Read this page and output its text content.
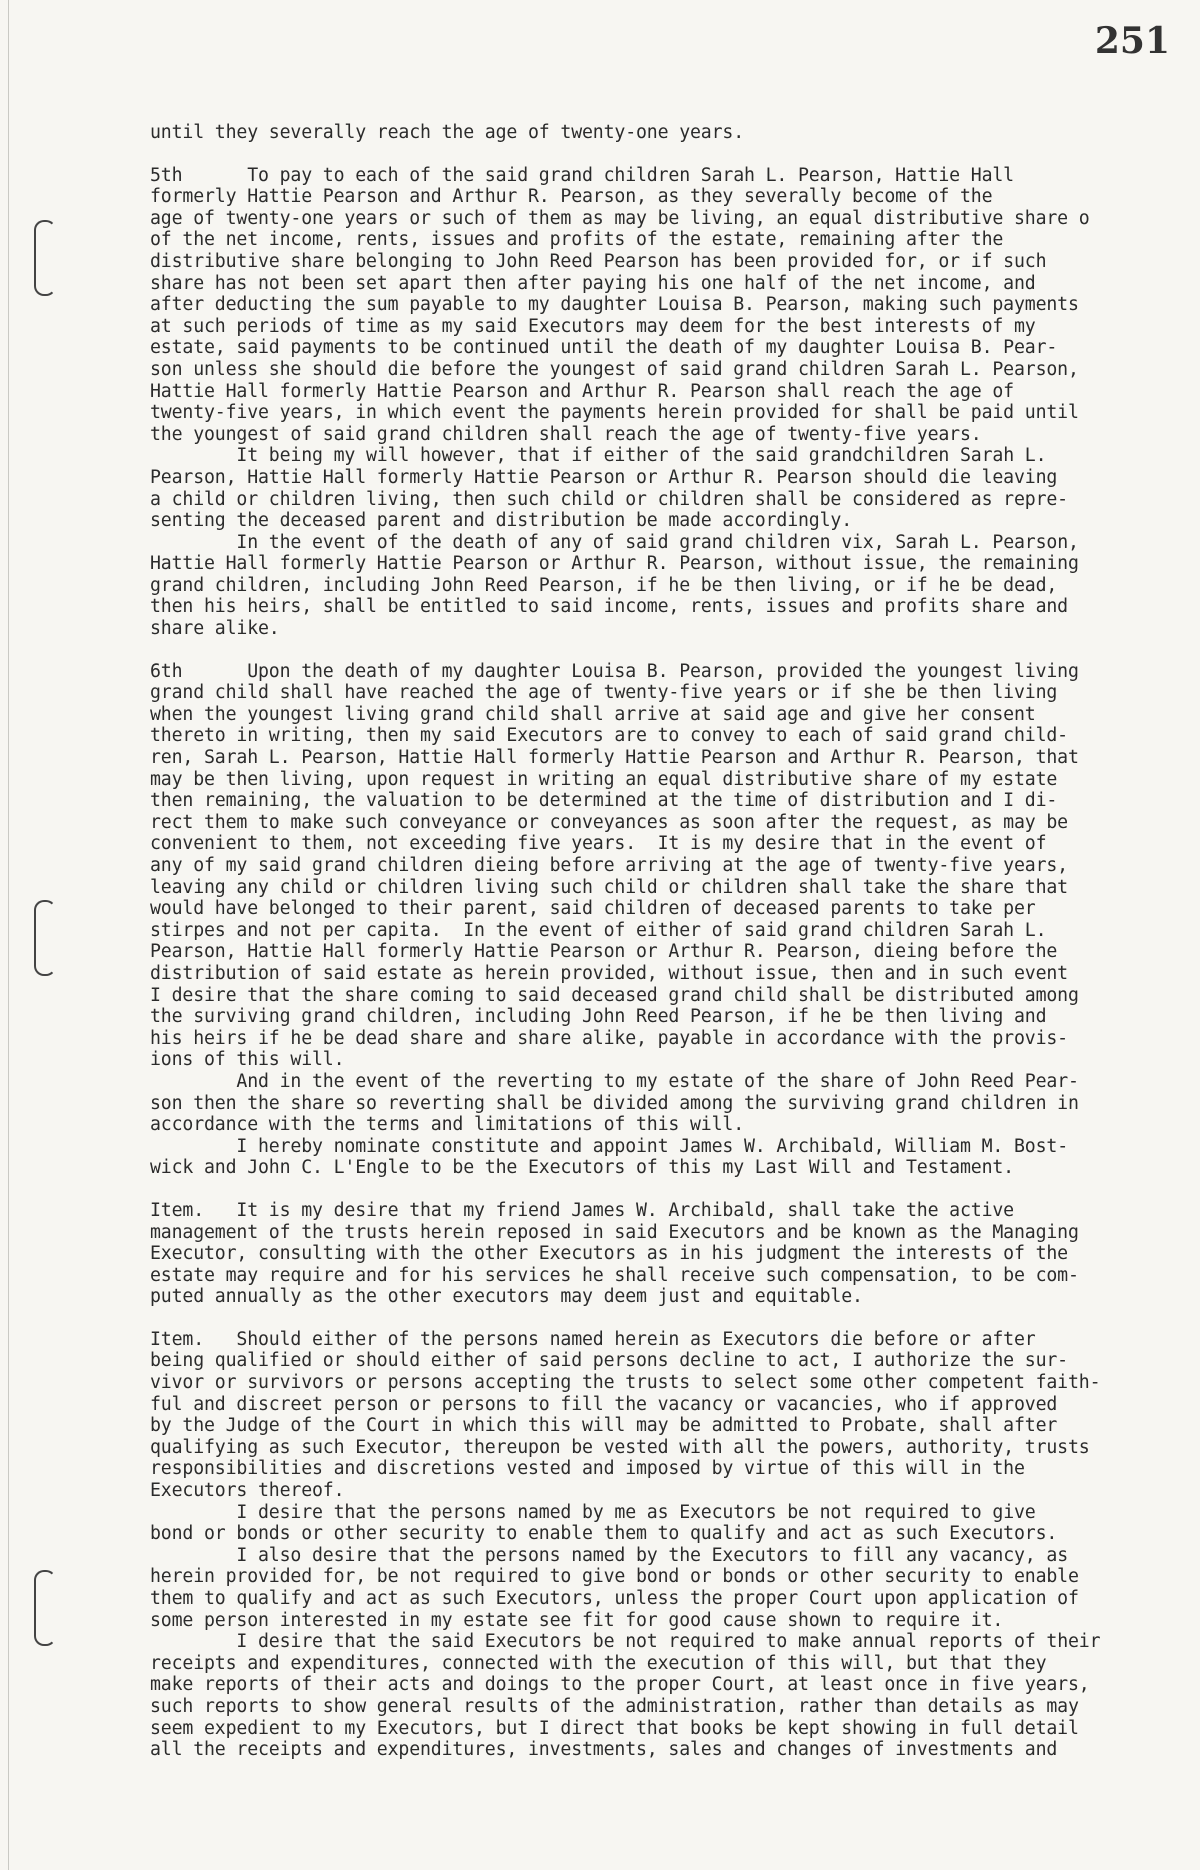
251
until they severally reach the age of twenty-one years.
5th      To pay to each of the said grand children Sarah L. Pearson, Hattie Hall
formerly Hattie Pearson and Arthur R. Pearson, as they severally become of the
age of twenty-one years or such of them as may be living, an equal distributive share o
of the net income, rents, issues and profits of the estate, remaining after the
distributive share belonging to John Reed Pearson has been provided for, or if such
share has not been set apart then after paying his one half of the net income, and
after deducting the sum payable to my daughter Louisa B. Pearson, making such payments
at such periods of time as my said Executors may deem for the best interests of my
estate, said payments to be continued until the death of my daughter Louisa B. Pear-
son unless she should die before the youngest of said grand children Sarah L. Pearson,
Hattie Hall formerly Hattie Pearson and Arthur R. Pearson shall reach the age of
twenty-five years, in which event the payments herein provided for shall be paid until
the youngest of said grand children shall reach the age of twenty-five years.
It being my will however, that if either of the said grandchildren Sarah L.
Pearson, Hattie Hall formerly Hattie Pearson or Arthur R. Pearson should die leaving
a child or children living, then such child or children shall be considered as repre-
senting the deceased parent and distribution be made accordingly.
In the event of the death of any of said grand children vix, Sarah L. Pearson,
Hattie Hall formerly Hattie Pearson or Arthur R. Pearson, without issue, the remaining
grand children, including John Reed Pearson, if he be then living, or if he be dead,
then his heirs, shall be entitled to said income, rents, issues and profits share and
share alike.
6th      Upon the death of my daughter Louisa B. Pearson, provided the youngest living
grand child shall have reached the age of twenty-five years or if she be then living
when the youngest living grand child shall arrive at said age and give her consent
thereto in writing, then my said Executors are to convey to each of said grand child-
ren, Sarah L. Pearson, Hattie Hall formerly Hattie Pearson and Arthur R. Pearson, that
may be then living, upon request in writing an equal distributive share of my estate
then remaining, the valuation to be determined at the time of distribution and I di-
rect them to make such conveyance or conveyances as soon after the request, as may be
convenient to them, not exceeding five years.  It is my desire that in the event of
any of my said grand children dieing before arriving at the age of twenty-five years,
leaving any child or children living such child or children shall take the share that
would have belonged to their parent, said children of deceased parents to take per
stirpes and not per capita.  In the event of either of said grand children Sarah L.
Pearson, Hattie Hall formerly Hattie Pearson or Arthur R. Pearson, dieing before the
distribution of said estate as herein provided, without issue, then and in such event
I desire that the share coming to said deceased grand child shall be distributed among
the surviving grand children, including John Reed Pearson, if he be then living and
his heirs if he be dead share and share alike, payable in accordance with the provis-
ions of this will.
And in the event of the reverting to my estate of the share of John Reed Pear-
son then the share so reverting shall be divided among the surviving grand children in
accordance with the terms and limitations of this will.
I hereby nominate constitute and appoint James W. Archibald, William M. Bost-
wick and John C. L'Engle to be the Executors of this my Last Will and Testament.
Item.   It is my desire that my friend James W. Archibald, shall take the active
management of the trusts herein reposed in said Executors and be known as the Managing
Executor, consulting with the other Executors as in his judgment the interests of the
estate may require and for his services he shall receive such compensation, to be com-
puted annually as the other executors may deem just and equitable.
Item.   Should either of the persons named herein as Executors die before or after
being qualified or should either of said persons decline to act, I authorize the sur-
vivor or survivors or persons accepting the trusts to select some other competent faith-
ful and discreet person or persons to fill the vacancy or vacancies, who if approved
by the Judge of the Court in which this will may be admitted to Probate, shall after
qualifying as such Executor, thereupon be vested with all the powers, authority, trusts
responsibilities and discretions vested and imposed by virtue of this will in the
Executors thereof.
I desire that the persons named by me as Executors be not required to give
bond or bonds or other security to enable them to qualify and act as such Executors.
I also desire that the persons named by the Executors to fill any vacancy, as
herein provided for, be not required to give bond or bonds or other security to enable
them to qualify and act as such Executors, unless the proper Court upon application of
some person interested in my estate see fit for good cause shown to require it.
I desire that the said Executors be not required to make annual reports of their
receipts and expenditures, connected with the execution of this will, but that they
make reports of their acts and doings to the proper Court, at least once in five years,
such reports to show general results of the administration, rather than details as may
seem expedient to my Executors, but I direct that books be kept showing in full detail
all the receipts and expenditures, investments, sales and changes of investments and
